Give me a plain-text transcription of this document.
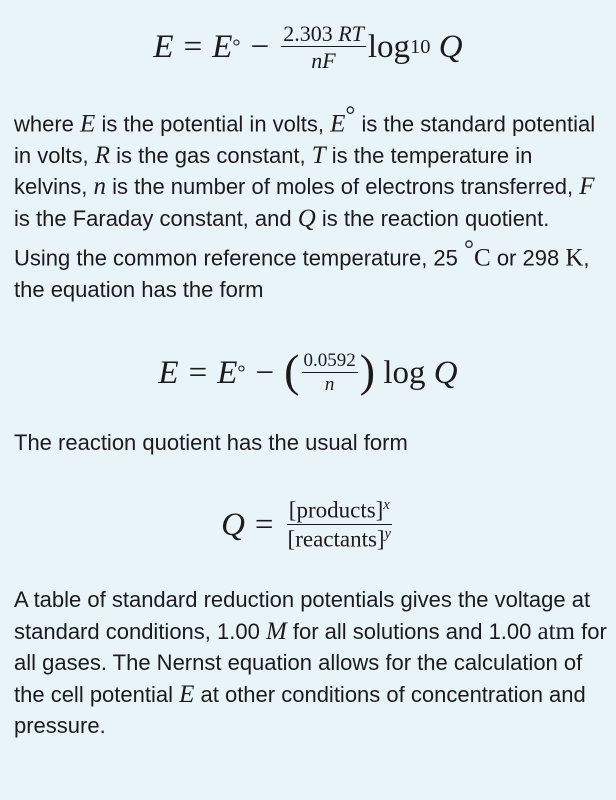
E = E ° − $\frac{2.303 RT}{nF}$ log 10
Q
where E is the potential in volts, E° is the standard potential in volts, R is the gas constant, T is the temperature in kelvins, n is the number of moles of electrons transferred, F is the Faraday constant, and Q is the reaction quotient. Using the common reference temperature, 25 °C or 298 K, the equation has the form
E = E ° − ( $\frac{0.0592}{n}$ )
log
Q
The reaction quotient has the usual form
$Q = \frac{[products]^x}{[reactants]^y}$
A table of standard reduction potentials gives the voltage at standard conditions, 1.00 M for all solutions and 1.00 atm for all gases. The Nernst equation allows for the calculation of the cell potential E at other conditions of concentration and pressure.
